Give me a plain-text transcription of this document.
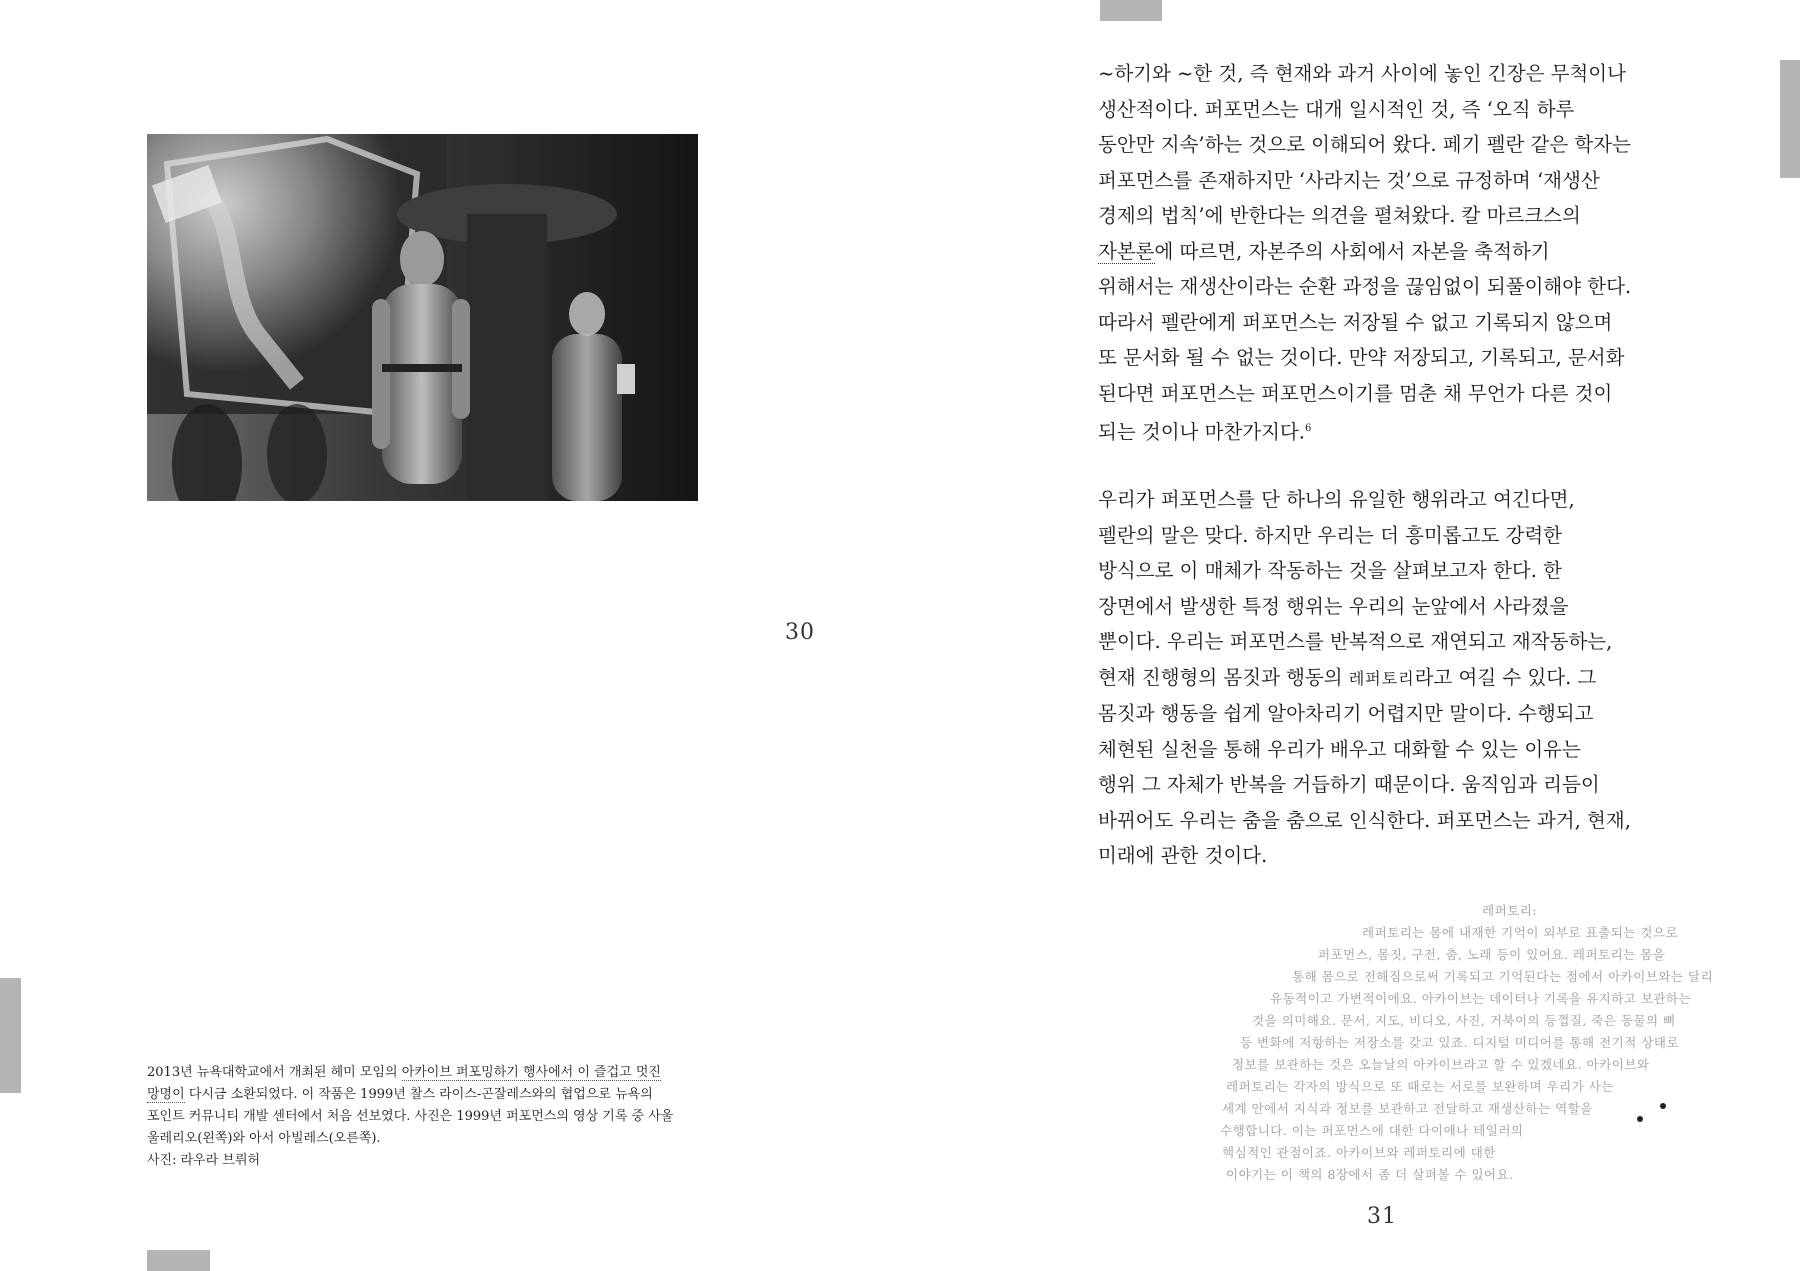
30
2013년 뉴욕대학교에서 개최된 헤미 모임의 아카이브 퍼포밍하기 행사에서 이 즐겁고 멋진
망명이 다시금 소환되었다. 이 작품은 1999년 찰스 라이스-곤잘레스와의 협업으로 뉴욕의
포인트 커뮤니티 개발 센터에서 처음 선보였다. 사진은 1999년 퍼포먼스의 영상 기록 중 사울
울레리오(왼쪽)와 아서 아빌레스(오른쪽).
사진: 라우라 브뤼허
~하기와 ~한 것, 즉 현재와 과거 사이에 놓인 긴장은 무척이나
생산적이다. 퍼포먼스는 대개 일시적인 것, 즉 ‘오직 하루
동안만 지속’하는 것으로 이해되어 왔다. 페기 펠란 같은 학자는
퍼포먼스를 존재하지만 ‘사라지는 것’으로 규정하며 ‘재생산
경제의 법칙’에 반한다는 의견을 펼쳐왔다. 칼 마르크스의
자본론에 따르면, 자본주의 사회에서 자본을 축적하기
위해서는 재생산이라는 순환 과정을 끊임없이 되풀이해야 한다.
따라서 펠란에게 퍼포먼스는 저장될 수 없고 기록되지 않으며
또 문서화 될 수 없는 것이다. 만약 저장되고, 기록되고, 문서화
된다면 퍼포먼스는 퍼포먼스이기를 멈춘 채 무언가 다른 것이
되는 것이나 마찬가지다.$^6$
우리가 퍼포먼스를 단 하나의 유일한 행위라고 여긴다면,
펠란의 말은 맞다. 하지만 우리는 더 흥미롭고도 강력한
방식으로 이 매체가 작동하는 것을 살펴보고자 한다. 한
장면에서 발생한 특정 행위는 우리의 눈앞에서 사라졌을
뿐이다. 우리는 퍼포먼스를 반복적으로 재연되고 재작동하는,
현재 진행형의 몸짓과 행동의 레퍼토리라고 여길 수 있다. 그
몸짓과 행동을 쉽게 알아차리기 어렵지만 말이다. 수행되고
체현된 실천을 통해 우리가 배우고 대화할 수 있는 이유는
행위 그 자체가 반복을 거듭하기 때문이다. 움직임과 리듬이
바뀌어도 우리는 춤을 춤으로 인식한다. 퍼포먼스는 과거, 현재,
미래에 관한 것이다.
레퍼토리:
레퍼토리는 몸에 내재한 기억이 외부로 표출되는 것으로
퍼포먼스, 몸짓, 구전, 춤, 노래 등이 있어요. 레퍼토리는 몸을
통해 몸으로 전해짐으로써 기록되고 기억된다는 점에서 아카이브와는 달리
유동적이고 가변적이에요. 아카이브는 데이터나 기록을 유지하고 보관하는
것을 의미해요. 문서, 지도, 비디오, 사진, 거북이의 등껍질, 죽은 동물의 뼈
등 변화에 저항하는 저장소를 갖고 있죠. 디지털 미디어를 통해 전기적 상태로
정보를 보관하는 것은 오늘날의 아카이브라고 할 수 있겠네요. 아카이브와
레퍼토리는 각자의 방식으로 또 때로는 서로를 보완하며 우리가 사는
세계 안에서 지식과 정보를 보관하고 전달하고 재생산하는 역할을
수행합니다. 이는 퍼포먼스에 대한 다이애나 테일러의
핵심적인 관점이죠. 아카이브와 레퍼토리에 대한
이야기는 이 책의 8장에서 좀 더 살펴볼 수 있어요.
31
